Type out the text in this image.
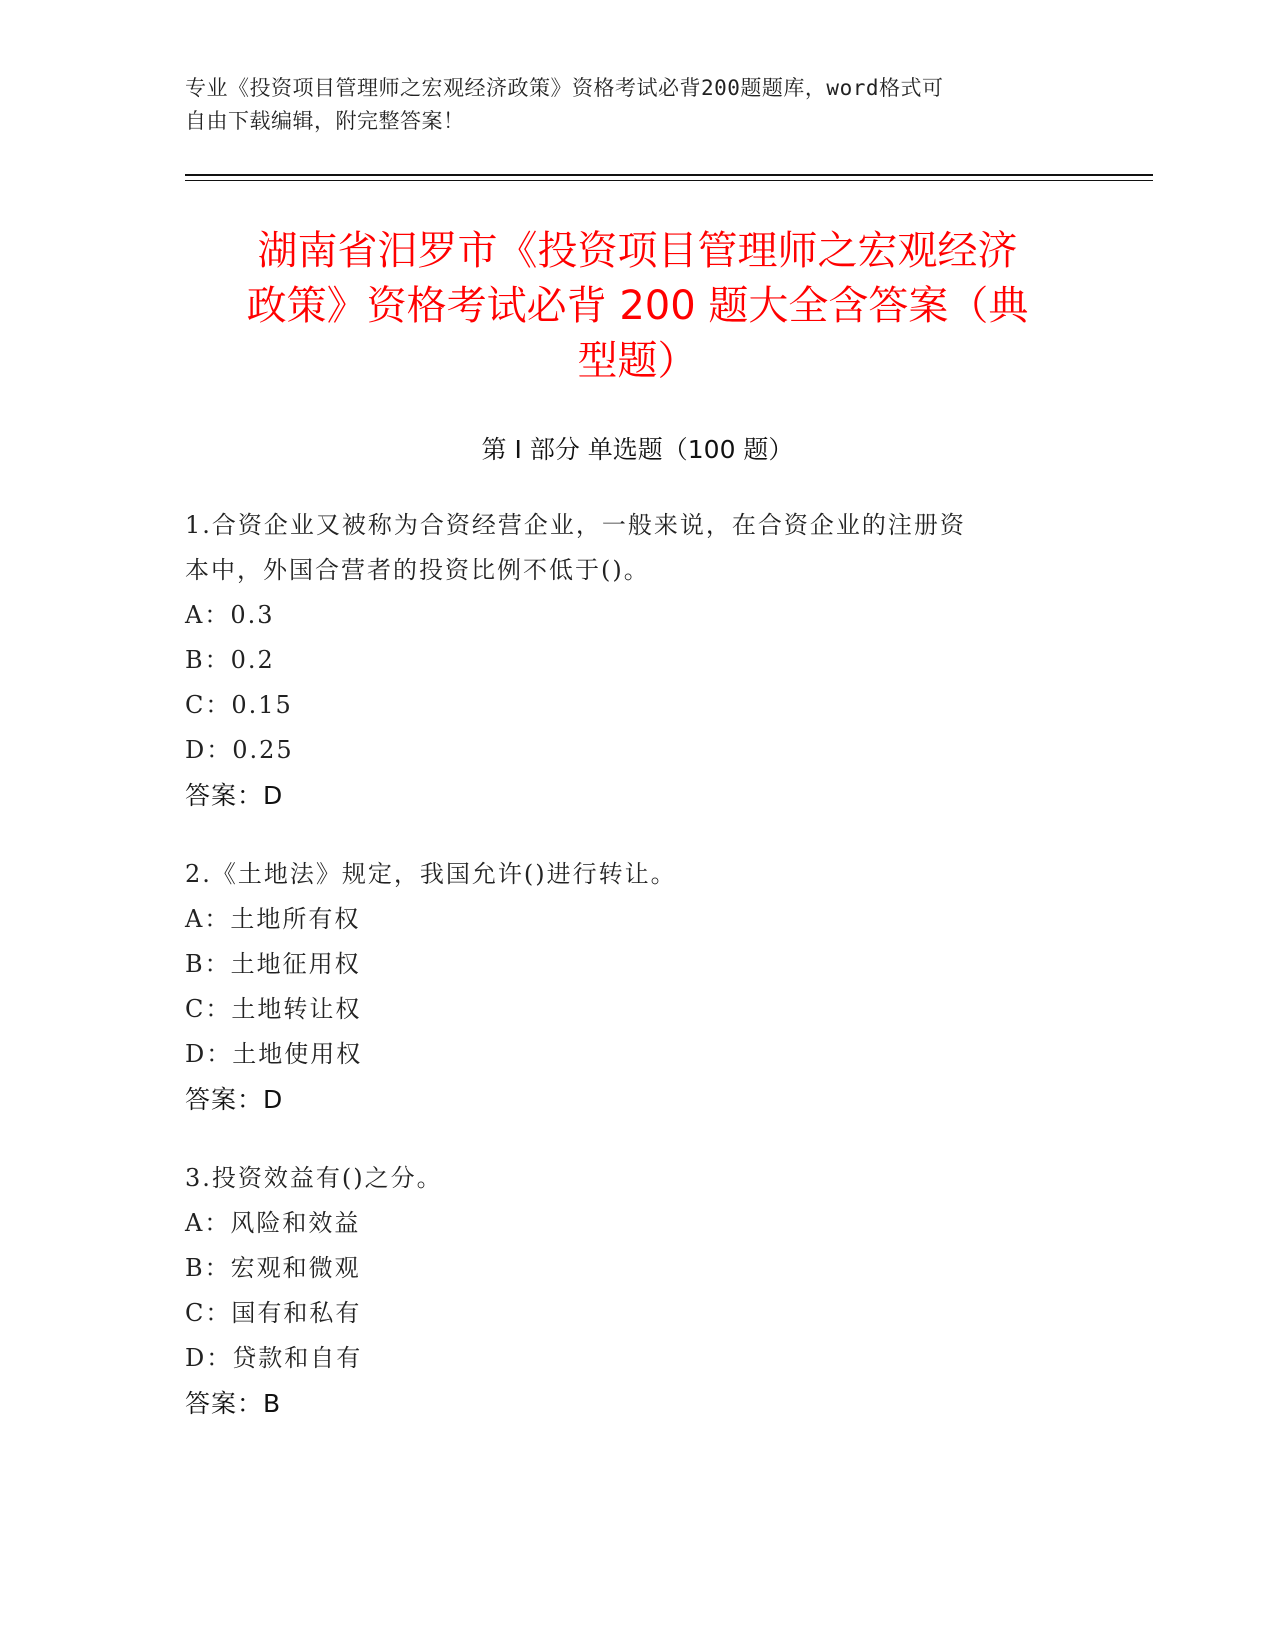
专业《投资项目管理师之宏观经济政策》资格考试必背200题题库，word格式可
自由下载编辑，附完整答案！
湖南省汨罗市《投资项目管理师之宏观经济
政策》资格考试必背 200 题大全含答案（典
型题）
第 I 部分 单选题（100 题）

1.合资企业又被称为合资经营企业，一般来说，在合资企业的注册资

本中，外国合营者的投资比例不低于()。

A：0.3

B：0.2

C：0.15

D：0.25

答案：D

2.《土地法》规定，我国允许()进行转让。

A：土地所有权

B：土地征用权

C：土地转让权

D：土地使用权

答案：D

3.投资效益有()之分。

A：风险和效益

B：宏观和微观

C：国有和私有

D：贷款和自有

答案：B
